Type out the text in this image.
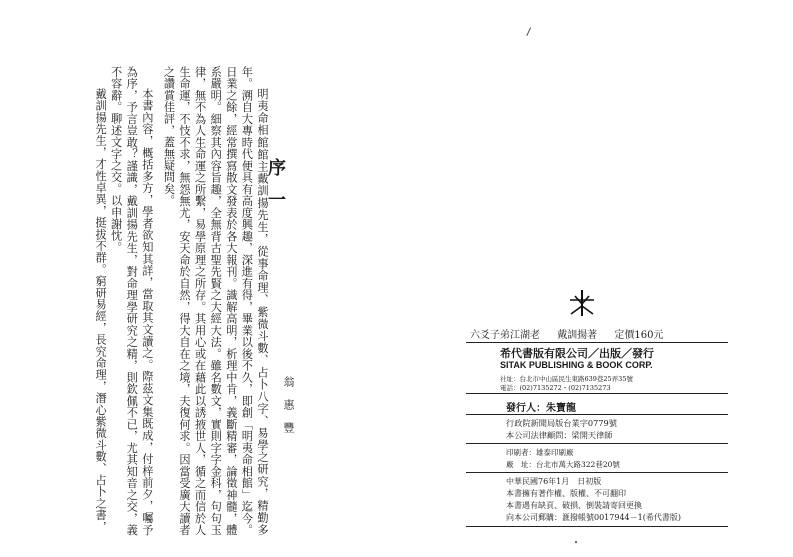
明夷命相館館主戴訓揚先生，從事命理、紫微斗數、占卜八字、易學之研究，精勤多年。溯自大專時代便具有高度興趣，深進有得，畢業以後不久，即創「明夷命相館」迄今。日業之餘，經常撰寫散文發表於各大報刊。識解高明，析理中肯，義斷精審，論徵神髓，體系嚴明。細察其內容旨趣，全無背古聖先賢之大經大法。雖名數文，實則字字金科，句句玉律，無不為人生命運之所繫，易學原理之所存。其用心或在藉此以誘掖世人，循之而信於人生命運，不忮不求，無怨無尤，安天命於自然，得大自在之境，夫復何求。因當受廣大讀者之讚賞佳評，蓋無疑問矣。

本書內容，概括多方，學者欲知其詳，當取其文讀之。際茲文集既成，付梓前夕，囑予為序，予言豈敢？謹識，戴訓揚先生，對命理學研究之精，則欽佩不已，尤其知音之交，義不容辭。聊述文字之交。以申謝忱。

戴訓揚先生，才性卓異，挺拔不群。窮研易經，長究命理，潛心紫微斗數、占卜之書，	序一
翁惠豐
六爻子弟江湖老 戴訓揚著 定價160元
希代書版有限公司／出版／發行
SITAK PUBLISHING & BOOK CORP.
社址：台北市中山區民生東路639巷25弄35號
電話：(02)7135272・(02)7135273
發行人：朱寶龍
行政院新聞局版台業字0779號
本公司法律顧問：梁開天律師
印刷者：雄泰印刷廠
廠　址：台北市萬大路322巷20號
中華民國76年1月　日初版
本書擁有著作權、版權、不可翻印
本書遇有缺頁、破損、倒裝請寄回更換
向本公司郵購：滙撥帳號0017944－1(希代書版)
